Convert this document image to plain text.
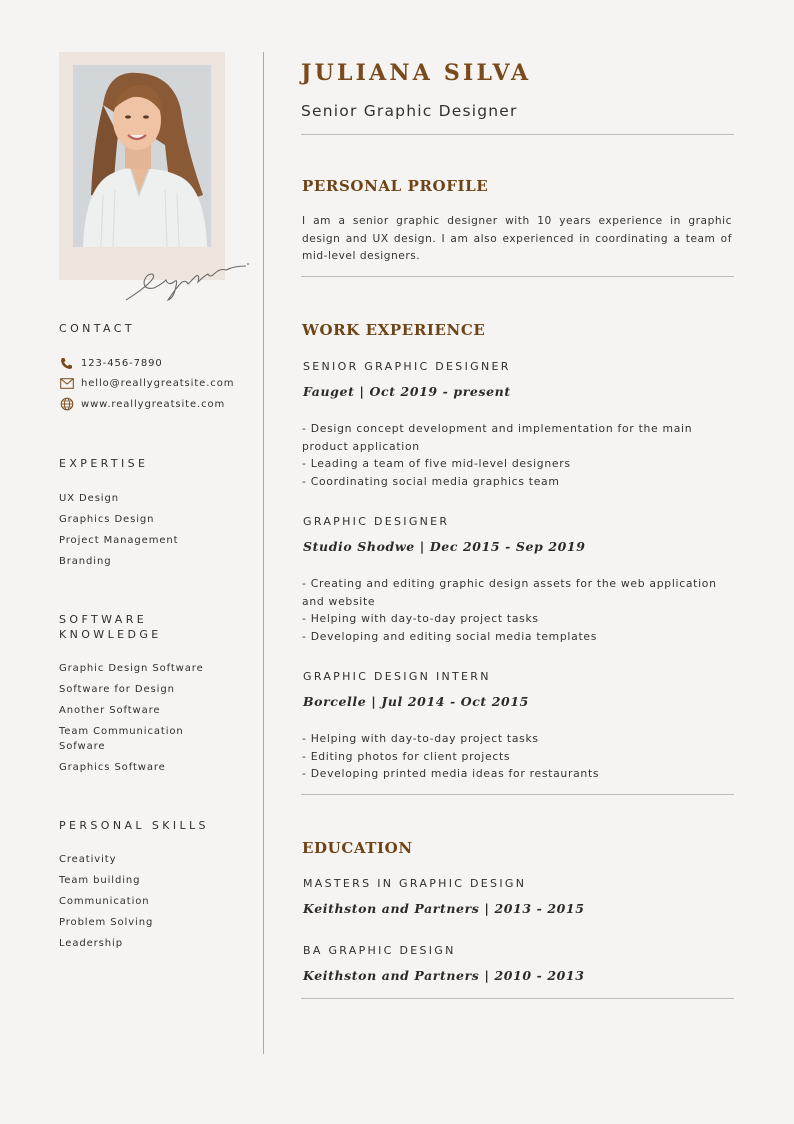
CONTACT
123-456-7890
hello@reallygreatsite.com
www.reallygreatsite.com
EXPERTISE
UX Design
Graphics Design
Project Management
Branding
SOFTWARE KNOWLEDGE
Graphic Design Software
Software for Design
Another Software
Team Communication Sofware
Graphics Software
PERSONAL SKILLS
Creativity
Team building
Communication
Problem Solving
Leadership
JULIANA SILVA
Senior Graphic Designer
PERSONAL PROFILE
I am a senior graphic designer with 10 years experience in graphic design and UX design. I am also experienced in coordinating a team of mid-level designers.
WORK EXPERIENCE
SENIOR GRAPHIC DESIGNER
Fauget | Oct 2019 - present
- Design concept development and implementation for the main product application
- Leading a team of five mid-level designers
- Coordinating social media graphics team
GRAPHIC DESIGNER
Studio Shodwe | Dec 2015 - Sep 2019
- Creating and editing graphic design assets for the web application and website
- Helping with day-to-day project tasks
- Developing and editing social media templates
GRAPHIC DESIGN INTERN
Borcelle | Jul 2014 - Oct 2015
- Helping with day-to-day project tasks
- Editing photos for client projects
- Developing printed media ideas for restaurants
EDUCATION
MASTERS IN GRAPHIC DESIGN
Keithston and Partners | 2013 - 2015
BA GRAPHIC DESIGN
Keithston and Partners | 2010 - 2013
